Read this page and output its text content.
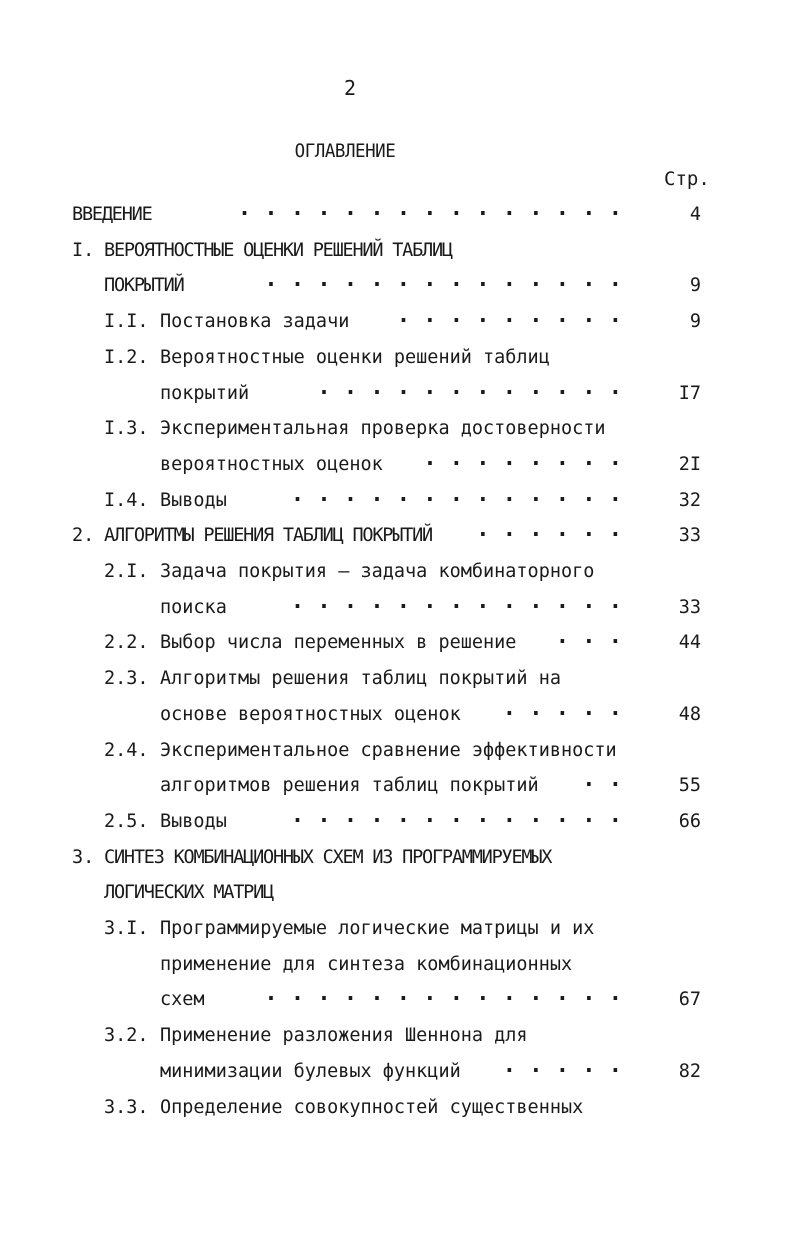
2
ОГЛАВЛЕНИЕ
Стр.
ВВЕДЕНИЕ	· · · · · · · · · · · · · · ·	4
I. ВЕРОЯТНОСТНЫЕ ОЦЕНКИ РЕШЕНИЙ ТАБЛИЦ
ПОКРЫТИЙ	· · · · · · · · · · · · · ·	9
I.I. Постановка задачи	· · · · · · · · ·	9
I.2. Вероятностные оценки решений таблиц
покрытий	· · · · · · · · · · · ·	I7
I.3. Экспериментальная проверка достоверности
вероятностных оценок	· · · · · · · ·	2I
I.4. Выводы	· · · · · · · · · · · · ·	32
2. АЛГОРИТМЫ РЕШЕНИЯ ТАБЛИЦ ПОКРЫТИЙ	· · · · · ·	33
2.I. Задача покрытия – задача комбинаторного
поиска	· · · · · · · · · · · · ·	33
2.2. Выбор числа переменных в решение	· · ·	44
2.3. Алгоритмы решения таблиц покрытий на
основе вероятностных оценок	· · · · ·	48
2.4. Экспериментальное сравнение эффективности
алгоритмов решения таблиц покрытий	· ·	55
2.5. Выводы	· · · · · · · · · · · · ·	66
3. СИНТЕЗ КОМБИНАЦИОННЫХ СХЕМ ИЗ ПРОГРАММИРУЕМЫХ
ЛОГИЧЕСКИХ МАТРИЦ
3.I. Программируемые логические матрицы и их
применение для синтеза комбинационных
схем	· · · · · · · · · · · · · ·	67
3.2. Применение разложения Шеннона для
минимизации булевых функций	· · · · ·	82
3.3. Определение совокупностей существенных
